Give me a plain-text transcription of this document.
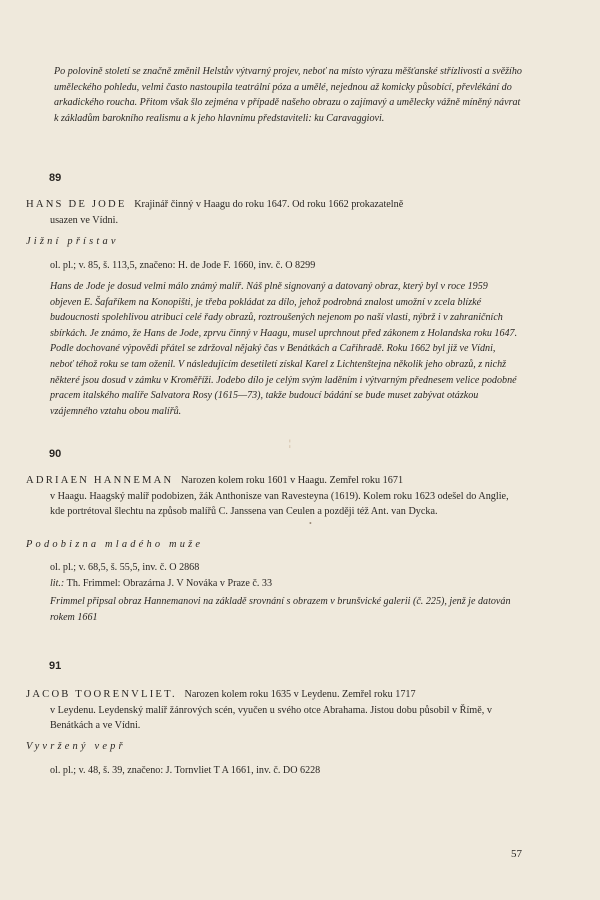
Po polovině století se značně změnil Helstův výtvarný projev, neboť na místo výrazu měšťanské střízlivosti a svěžího uměleckého pohledu, velmi často nastoupila teatrální póza a umělé, nejednou až komicky působící, převlékání do arkadického roucha. Přitom však šlo zejména v případě našeho obrazu o zajímavý a umělecky vážně míněný návrat k základům barokního realismu a k jeho hlavnímu představiteli: ku Caravaggiovi.
89
HANS DE JODE Krajinář činný v Haagu do roku 1647. Od roku 1662 prokazatelně
usazen ve Vídni.
Jižní přístav
ol. pl.; v. 85, š. 113,5, značeno: H. de Jode F. 1660, inv. č. O 8299
Hans de Jode je dosud velmi málo známý malíř. Náš plně signovaný a datovaný obraz, který byl v roce 1959 objeven E. Šafaříkem na Konopišti, je třeba pokládat za dílo, jehož podrobná znalost umožní v zcela blízké budoucnosti spolehlivou atribuci celé řady obrazů, roztroušených nejenom po naší vlasti, nýbrž i v zahraničních sbírkách. Je známo, že Hans de Jode, zprvu činný v Haagu, musel uprchnout před zákonem z Holandska roku 1647. Podle dochované výpovědi přátel se zdržoval nějaký čas v Benátkách a Cařihradě. Roku 1662 byl již ve Vídni, neboť téhož roku se tam oženil. V následujícím desetiletí získal Karel z Lichtenštejna několik jeho obrazů, z nichž některé jsou dosud v zámku v Kroměříži. Jodebo dílo je celým svým laděním i výtvarným přednesem velice podobné pracem italského malíře Salvatora Rosy (1615—73), takže budoucí bádání se bude muset zabývat otázkou vzájemného vztahu obou malířů.
¦
90
ADRIAEN HANNEMAN Narozen kolem roku 1601 v Haagu. Zemřel roku 1671
v Haagu. Haagský malíř podobizen, žák Anthonisze van Ravesteyna (1619). Kolem roku 1623 odešel do Anglie, kde portrétoval šlechtu na způsob malířů C. Janssena van Ceulen a později též Ant. van Dycka.
•
Podobizna mladého muže
ol. pl.; v. 68,5, š. 55,5, inv. č. O 2868
lit.: Th. Frimmel: Obrazárna J. V Nováka v Praze č. 33
Frimmel připsal obraz Hannemanovi na základě srovnání s obrazem v brunšvické galerii (č. 225), jenž je datován rokem 1661
91
JACOB TOORENVLIET. Narozen kolem roku 1635 v Leydenu. Zemřel roku 1717
v Leydenu. Leydenský malíř žánrových scén, vyučen u svého otce Abrahama. Jistou dobu působil v Římě, v Benátkách a ve Vídni.
Vyvržený vepř
ol. pl.; v. 48, š. 39, značeno: J. Tornvliet T A 1661, inv. č. DO 6228
57
